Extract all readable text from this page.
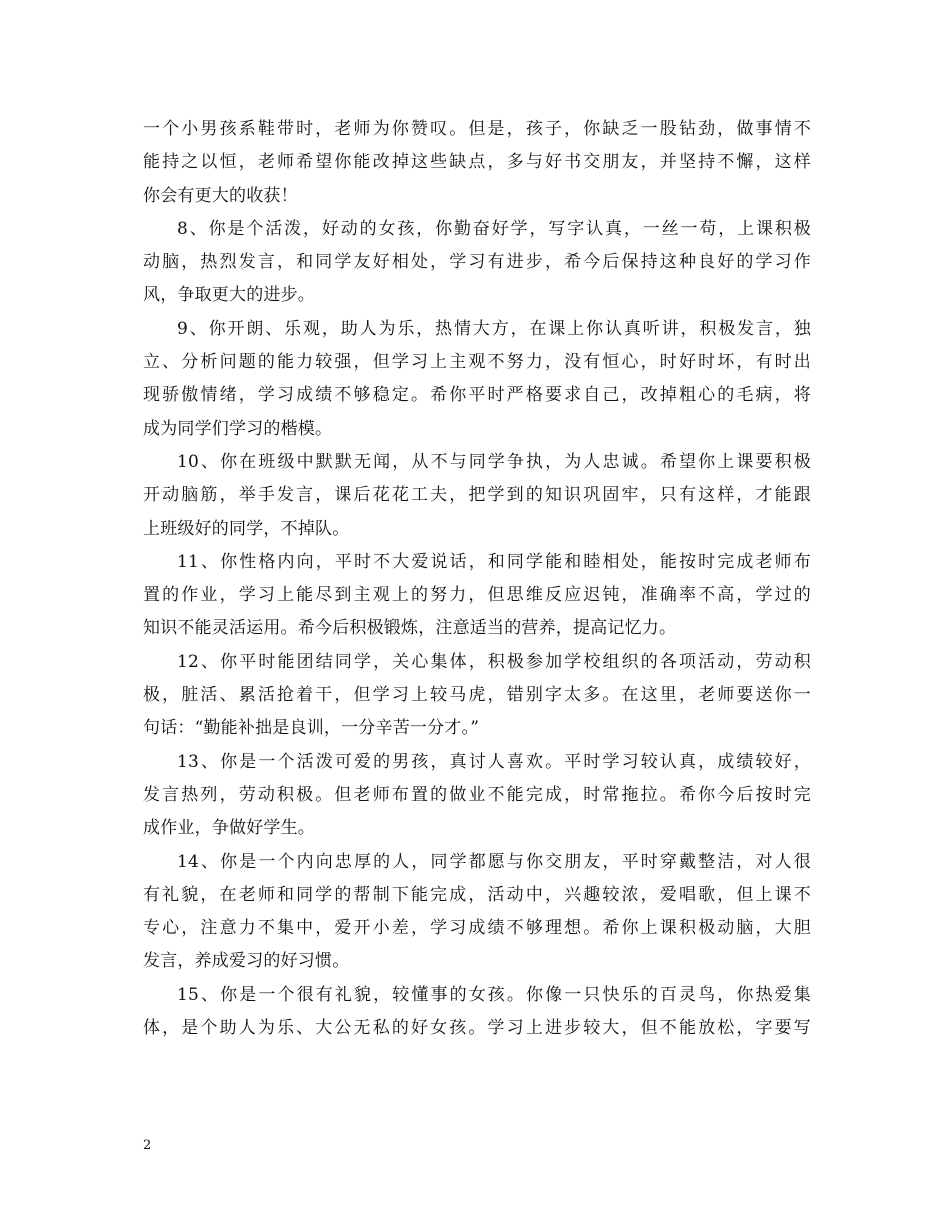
一个小男孩系鞋带时，老师为你赞叹。但是，孩子，你缺乏一股钻劲，做事情不
能持之以恒，老师希望你能改掉这些缺点，多与好书交朋友，并坚持不懈，这样
你会有更大的收获！
8、你是个活泼，好动的女孩，你勤奋好学，写字认真，一丝一苟，上课积极
动脑，热烈发言，和同学友好相处，学习有进步，希今后保持这种良好的学习作
风，争取更大的进步。
9、你开朗、乐观，助人为乐，热情大方，在课上你认真听讲，积极发言，独
立、分析问题的能力较强，但学习上主观不努力，没有恒心，时好时坏，有时出
现骄傲情绪，学习成绩不够稳定。希你平时严格要求自己，改掉粗心的毛病，将
成为同学们学习的楷模。
10、你在班级中默默无闻，从不与同学争执，为人忠诚。希望你上课要积极
开动脑筋，举手发言，课后花花工夫，把学到的知识巩固牢，只有这样，才能跟
上班级好的同学，不掉队。
11、你性格内向，平时不大爱说话，和同学能和睦相处，能按时完成老师布
置的作业，学习上能尽到主观上的努力，但思维反应迟钝，准确率不高，学过的
知识不能灵活运用。希今后积极锻炼，注意适当的营养，提高记忆力。
12、你平时能团结同学，关心集体，积极参加学校组织的各项活动，劳动积
极，脏活、累活抢着干，但学习上较马虎，错别字太多。在这里，老师要送你一
句话：“勤能补拙是良训，一分辛苦一分才。”
13、你是一个活泼可爱的男孩，真讨人喜欢。平时学习较认真，成绩较好，
发言热列，劳动积极。但老师布置的做业不能完成，时常拖拉。希你今后按时完
成作业，争做好学生。
14、你是一个内向忠厚的人，同学都愿与你交朋友，平时穿戴整洁，对人很
有礼貌，在老师和同学的帮制下能完成，活动中，兴趣较浓，爱唱歌，但上课不
专心，注意力不集中，爱开小差，学习成绩不够理想。希你上课积极动脑，大胆
发言，养成爱习的好习惯。
15、你是一个很有礼貌，较懂事的女孩。你像一只快乐的百灵鸟，你热爱集
体，是个助人为乐、大公无私的好女孩。学习上进步较大，但不能放松，字要写
2
